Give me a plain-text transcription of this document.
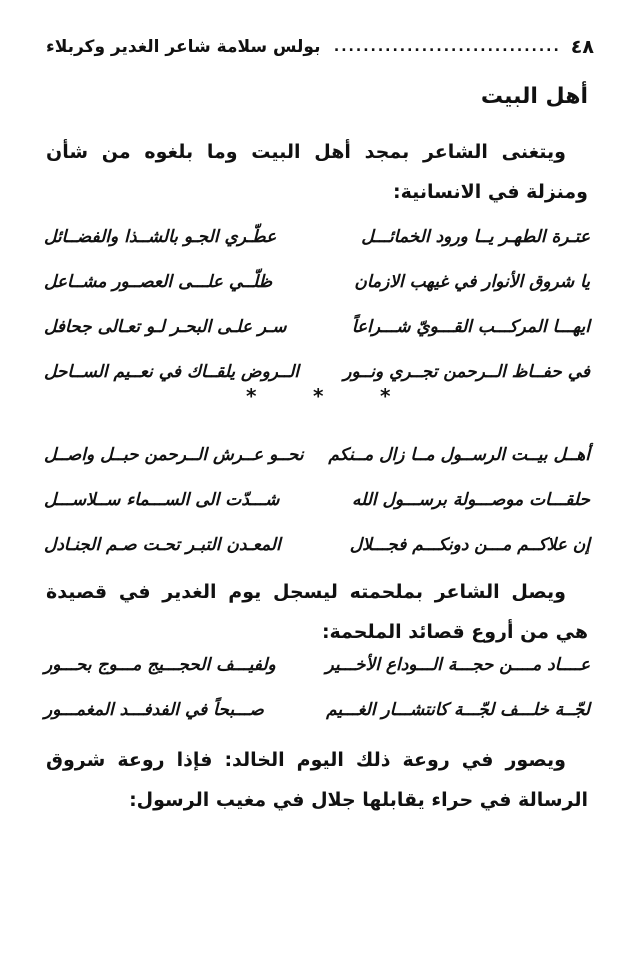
٤٨
...............................
بولس سلامة شاعر الغدير وكربلاء
أهل البيت
ويتغنى الشاعر بمجد أهل البيت وما بلغوه من شأن ومنزلة في الانسانية:
عتـرة الطهـر يــا ورود الخمائـــل
عطّـري الجـو بالشــذا والفضــائل
يا شروق الأنوار في غيهب الازمان
ظلّــي علـــى العصــور مشــاعل
ايهـــا المركـــب القـــويّ شـــراعاً
سـر علـى البحـر لـو تعـالى جحافل
في حفــاظ الــرحمن تجــري ونــور
الــروض يلقــاك في نعــيم الســاحل
*	*	*
أهــل بيــت الرســول مــا زال مــنكم
نحــو عــرش الــرحمن حبــل واصــل
حلقـــات موصـــولة برســـول الله
شـــدّت الى الســـماء ســلاســـل
إن علاكــم مـــن دونكـــم فجـــلال
المعـدن التبـر تحـت صـم الجنـادل
ويصل الشاعر بملحمته ليسجل يوم الغدير في قصيدة هي من أروع قصائد الملحمة:
عــــاد مــــن حجـــة الـــوداع الأخـــير
ولفيـــف الحجـــيج مـــوج بحـــور
لجّــة خلـــف لجّـــة كانتشـــار الغـــيم
صـــبحاً في الفدفـــد المغمـــور
ويصور في روعة ذلك اليوم الخالد: فإذا روعة شروق الرسالة في حراء يقابلها جلال في مغيب الرسول:
